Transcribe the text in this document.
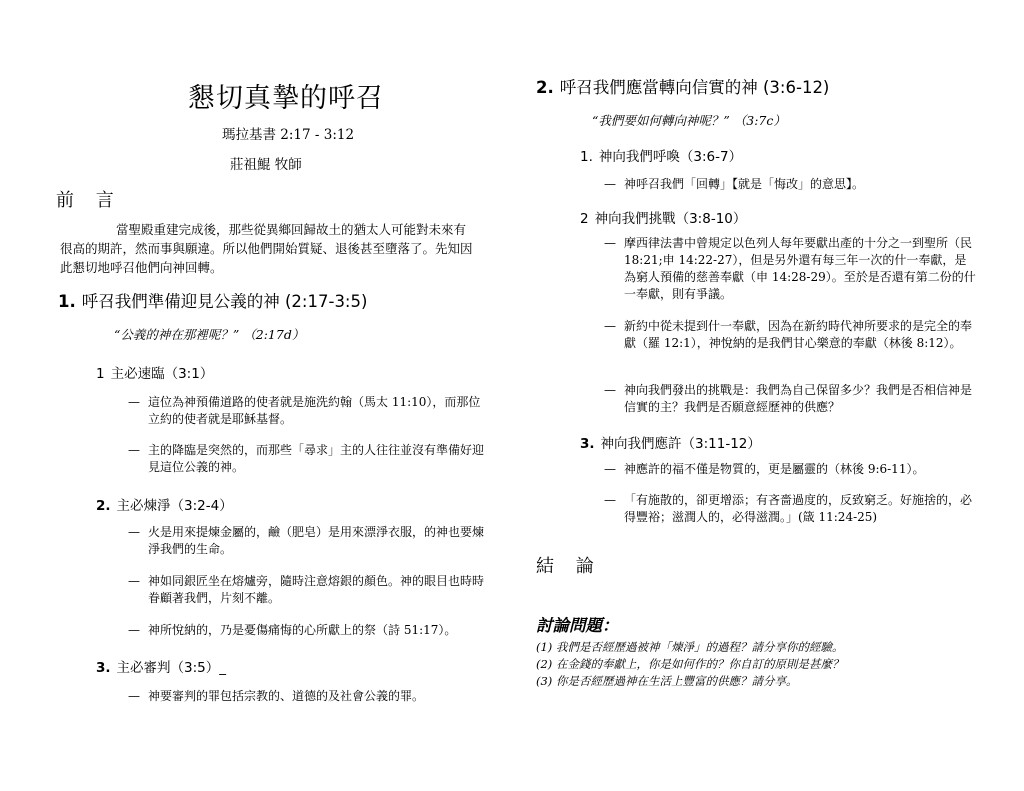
懇切真摯的呼召
瑪拉基書 2:17 - 3:12
莊祖鯤 牧師
前 言
當聖殿重建完成後，那些從異鄉回歸故土的猶太人可能對未來有很高的期許，然而事與願違。所以他們開始質疑、退後甚至墮落了。先知因此懇切地呼召他們向神回轉。
1. 呼召我們準備迎見公義的神 (2:17-3:5)
“公義的神在那裡呢？” （2:17d）
1 主必速臨（3:1）
— 這位為神預備道路的使者就是施洗約翰（馬太 11:10），而那位立約的使者就是耶穌基督。
— 主的降臨是突然的，而那些「尋求」主的人往往並沒有準備好迎見這位公義的神。
2. 主必煉淨（3:2-4）
— 火是用來提煉金屬的，鹼（肥皂）是用來漂淨衣服，的神也要煉淨我們的生命。
— 神如同銀匠坐在熔爐旁，隨時注意熔銀的顏色。神的眼目也時時眷顧著我們，片刻不離。
— 神所悅納的，乃是憂傷痛悔的心所獻上的祭（詩 51:17）。
3. 主必審判（3:5）_
— 神要審判的罪包括宗教的、道德的及社會公義的罪。
2. 呼召我們應當轉向信實的神 (3:6-12)
“我們要如何轉向神呢？” （3:7c）
1. 神向我們呼喚（3:6-7）
— 神呼召我們「回轉」【就是「悔改」的意思】。
2 神向我們挑戰（3:8-10）
— 摩西律法書中曾規定以色列人每年要獻出產的十分之一到聖所（民 18:21;申 14:22-27），但是另外還有每三年一次的什一奉獻，是為窮人預備的慈善奉獻（申 14:28-29）。至於是否還有第二份的什一奉獻，則有爭議。
— 新約中從未提到什一奉獻，因為在新約時代神所要求的是完全的奉獻（羅 12:1），神悅納的是我們甘心樂意的奉獻（林後 8:12）。
— 神向我們發出的挑戰是：我們為自己保留多少？我們是否相信神是信實的主？我們是否願意經歷神的供應？
3. 神向我們應許（3:11-12）
— 神應許的福不僅是物質的，更是屬靈的（林後 9:6-11）。
— 「有施散的，卻更增添；有吝嗇過度的，反致窮乏。好施捨的，必得豐裕；滋潤人的，必得滋潤。」(箴 11:24-25)
結 論
討論問題：
(1) 我們是否經歷過被神「煉淨」的過程？請分享你的經驗。
(2) 在金錢的奉獻上，你是如何作的？你自訂的原則是甚麼？
(3) 你是否經歷過神在生活上豐富的供應？請分享。
